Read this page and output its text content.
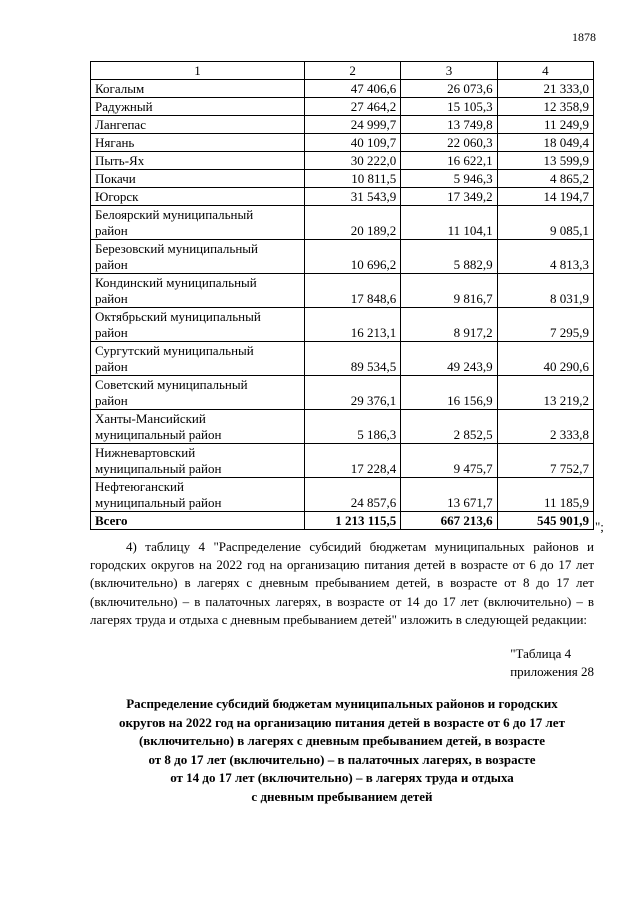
1878
1	2	3	4
Когалым	47 406,6	26 073,6	21 333,0
Радужный	27 464,2	15 105,3	12 358,9
Лангепас	24 999,7	13 749,8	11 249,9
Нягань	40 109,7	22 060,3	18 049,4
Пыть-Ях	30 222,0	16 622,1	13 599,9
Покачи	10 811,5	5 946,3	4 865,2
Югорск	31 543,9	17 349,2	14 194,7
Белоярский муниципальный
район	20 189,2	11 104,1	9 085,1
Березовский муниципальный
район	10 696,2	5 882,9	4 813,3
Кондинский муниципальный
район	17 848,6	9 816,7	8 031,9
Октябрьский муниципальный
район	16 213,1	8 917,2	7 295,9
Сургутский муниципальный
район	89 534,5	49 243,9	40 290,6
Советский муниципальный
район	29 376,1	16 156,9	13 219,2
Ханты-Мансийский
муниципальный район	5 186,3	2 852,5	2 333,8
Нижневартовский
муниципальный район	17 228,4	9 475,7	7 752,7
Нефтеюганский
муниципальный район	24 857,6	13 671,7	11 185,9
Всего	1 213 115,5	667 213,6	545 901,9 ";
4) таблицу 4 "Распределение субсидий бюджетам муниципальных районов и городских округов на 2022 год на организацию питания детей в возрасте от 6 до 17 лет (включительно) в лагерях с дневным пребыванием детей, в возрасте от 8 до 17 лет (включительно) – в палаточных лагерях, в возрасте от 14 до 17 лет (включительно) – в лагерях труда и отдыха с дневным пребыванием детей" изложить в следующей редакции:
"Таблица 4
приложения 28
Распределение субсидий бюджетам муниципальных районов и городских
округов на 2022 год на организацию питания детей в возрасте от 6 до 17 лет
(включительно) в лагерях с дневным пребыванием детей, в возрасте
от 8 до 17 лет (включительно) – в палаточных лагерях, в возрасте
от 14 до 17 лет (включительно) – в лагерях труда и отдыха
с дневным пребыванием детей
